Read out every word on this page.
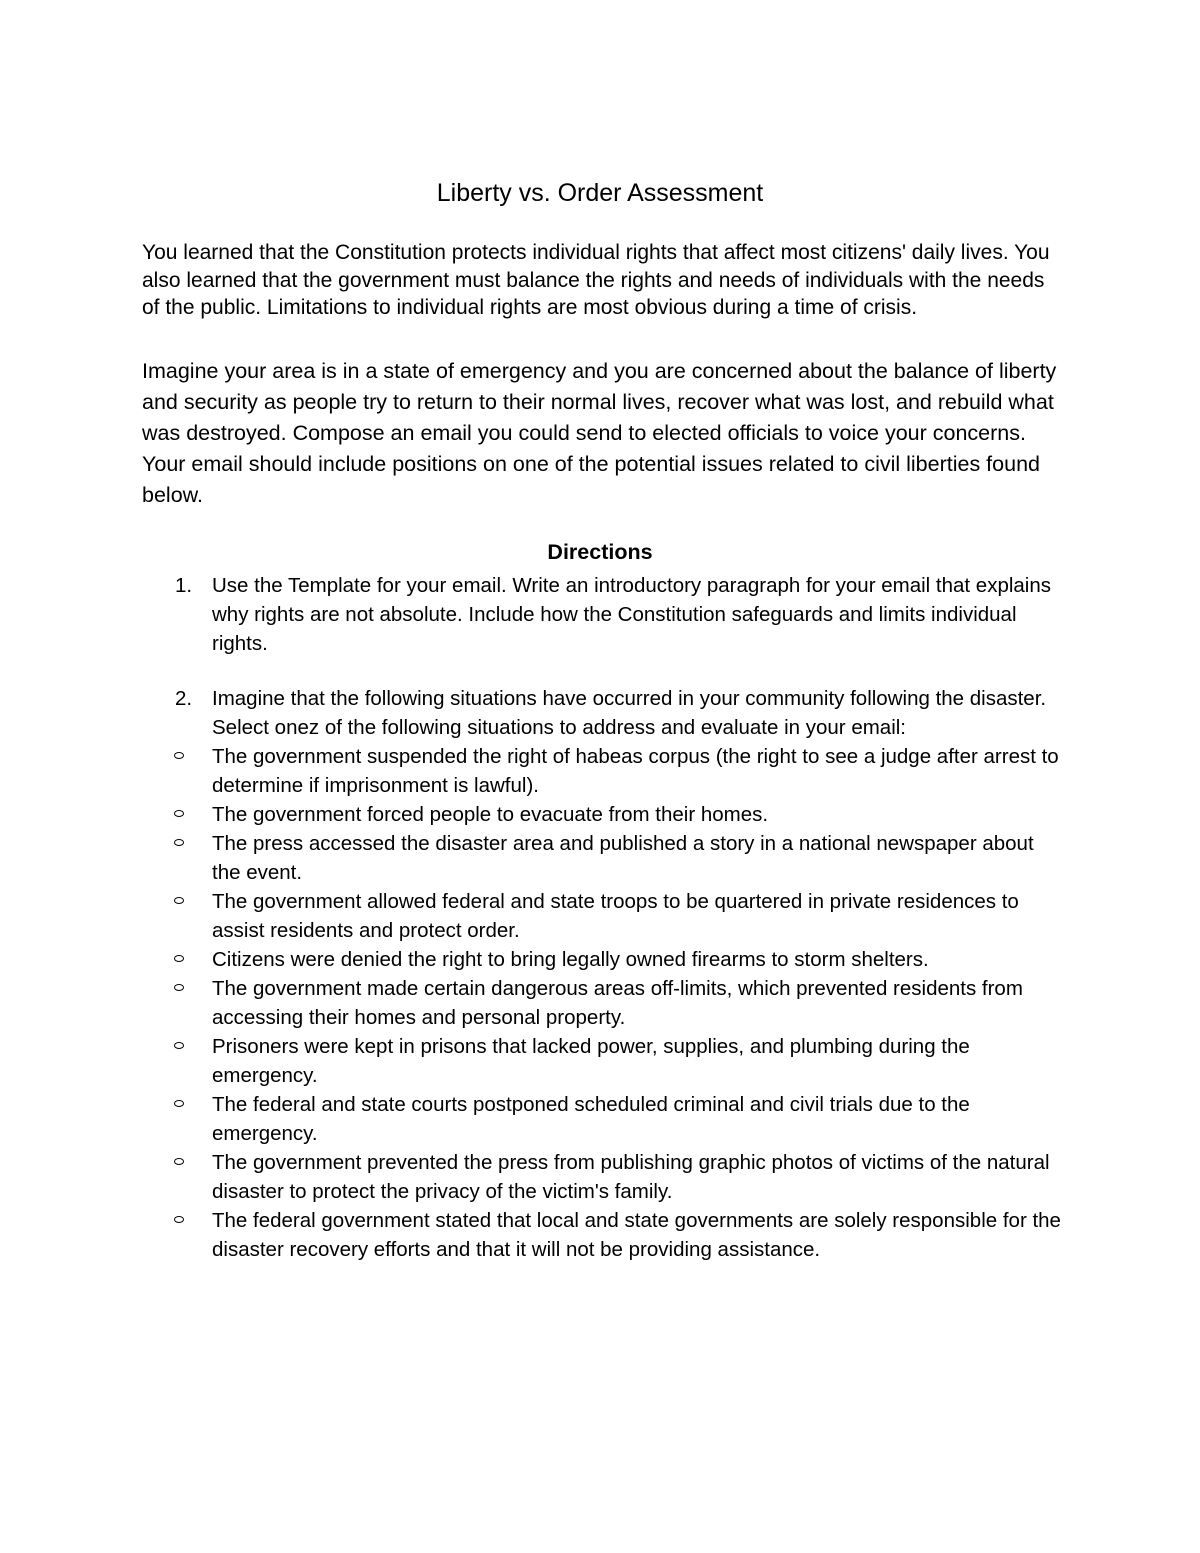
Liberty vs. Order Assessment

You learned that the Constitution protects individual rights that affect most citizens' daily lives. You also learned that the government must balance the rights and needs of individuals with the needs of the public. Limitations to individual rights are most obvious during a time of crisis.

Imagine your area is in a state of emergency and you are concerned about the balance of liberty and security as people try to return to their normal lives, recover what was lost, and rebuild what was destroyed. Compose an email you could send to elected officials to voice your concerns. Your email should include positions on one of the potential issues related to civil liberties found below.

Directions
1. Use the Template for your email. Write an introductory paragraph for your email that explains why rights are not absolute. Include how the Constitution safeguards and limits individual rights.
2. Imagine that the following situations have occurred in your community following the disaster. Select onez of the following situations to address and evaluate in your email:
The government suspended the right of habeas corpus (the right to see a judge after arrest to determine if imprisonment is lawful).
The government forced people to evacuate from their homes.
The press accessed the disaster area and published a story in a national newspaper about the event.
The government allowed federal and state troops to be quartered in private residences to assist residents and protect order.
Citizens were denied the right to bring legally owned firearms to storm shelters.
The government made certain dangerous areas off-limits, which prevented residents from accessing their homes and personal property.
Prisoners were kept in prisons that lacked power, supplies, and plumbing during the emergency.
The federal and state courts postponed scheduled criminal and civil trials due to the emergency.
The government prevented the press from publishing graphic photos of victims of the natural disaster to protect the privacy of the victim's family.
The federal government stated that local and state governments are solely responsible for the disaster recovery efforts and that it will not be providing assistance.
